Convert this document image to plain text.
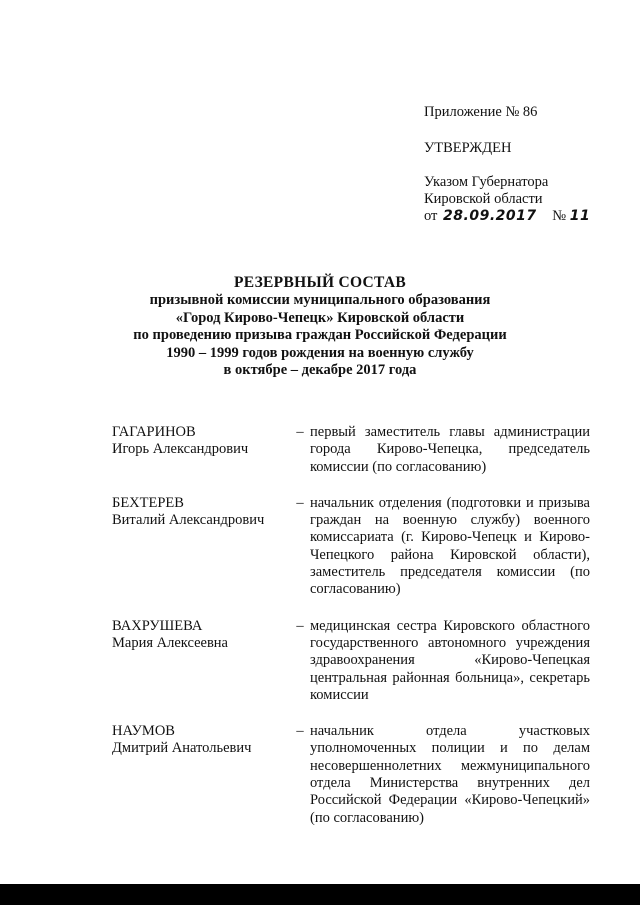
Приложение № 86

УТВЕРЖДЕН

Указом Губернатора

Кировской области

от 28.09.2017 № 11

РЕЗЕРВНЫЙ СОСТАВ
призывной комиссии муниципального образования
«Город Кирово-Чепецк» Кировской области
по проведению призыва граждан Российской Федерации
1990 – 1999 годов рождения на военную службу
в октябре – декабре 2017 года
ГАГАРИНОВ
Игорь Александрович
– первый заместитель главы администрации города Кирово-Чепецка, председатель комиссии (по согласованию)
БЕХТЕРЕВ
Виталий Александрович
– начальник отделения (подготовки и призыва граждан на военную службу) военного комиссариата (г. Кирово-Чепецк и Кирово-Чепецкого района Кировской области), заместитель председателя комиссии (по согласованию)
ВАХРУШЕВА
Мария Алексеевна
– медицинская сестра Кировского областного государственного автономного учреждения здравоохранения «Кирово-Чепецкая центральная районная больница», секретарь комиссии
НАУМОВ
Дмитрий Анатольевич
– начальник отдела участковых уполномоченных полиции и по делам несовершеннолетних межмуниципального отдела Министерства внутренних дел Российской Федерации «Кирово-Чепецкий» (по согласованию)
